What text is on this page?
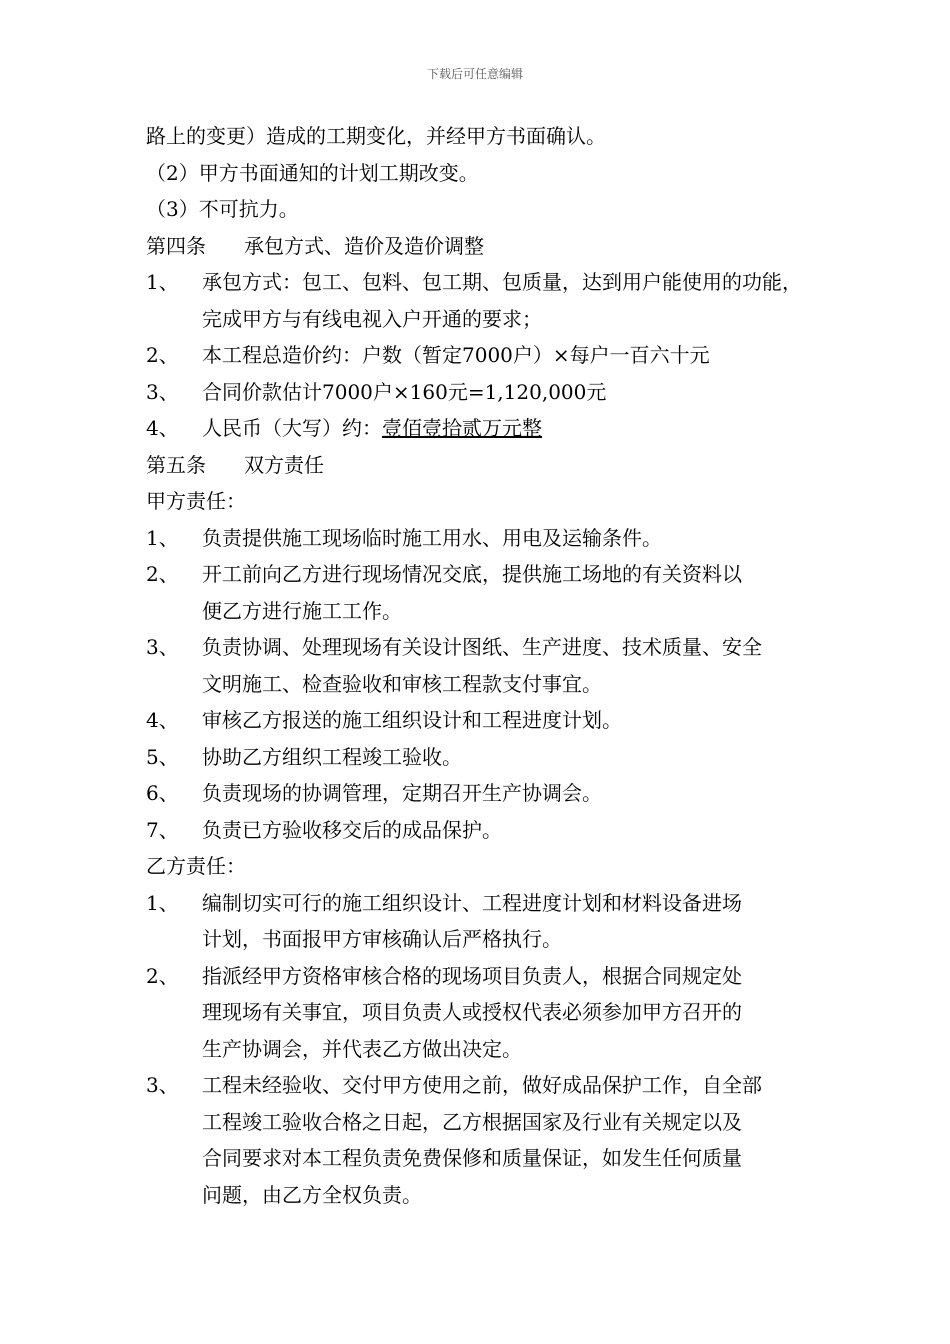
下载后可任意编辑
路上的变更）造成的工期变化，并经甲方书面确认。
（2）甲方书面通知的计划工期改变。
（3）不可抗力。
第四条 承包方式、造价及造价调整
1、	承包方式：包工、包料、包工期、包质量，达到用户能使用的功能，
完成甲方与有线电视入户开通的要求；
2、	本工程总造价约：户数（暂定7000户）×每户一百六十元
3、	合同价款估计7000户×160元=1,120,000元
4、	人民币（大写）约：壹佰壹拾贰万元整
第五条 双方责任
甲方责任：
1、	负责提供施工现场临时施工用水、用电及运输条件。
2、	开工前向乙方进行现场情况交底，提供施工场地的有关资料以
便乙方进行施工工作。
3、	负责协调、处理现场有关设计图纸、生产进度、技术质量、安全
文明施工、检查验收和审核工程款支付事宜。
4、	审核乙方报送的施工组织设计和工程进度计划。
5、	协助乙方组织工程竣工验收。
6、	负责现场的协调管理，定期召开生产协调会。
7、	负责已方验收移交后的成品保护。
乙方责任：
1、	编制切实可行的施工组织设计、工程进度计划和材料设备进场
计划，书面报甲方审核确认后严格执行。
2、	指派经甲方资格审核合格的现场项目负责人，根据合同规定处
理现场有关事宜，项目负责人或授权代表必须参加甲方召开的
生产协调会，并代表乙方做出决定。
3、	工程未经验收、交付甲方使用之前，做好成品保护工作，自全部
工程竣工验收合格之日起，乙方根据国家及行业有关规定以及
合同要求对本工程负责免费保修和质量保证，如发生任何质量
问题，由乙方全权负责。
